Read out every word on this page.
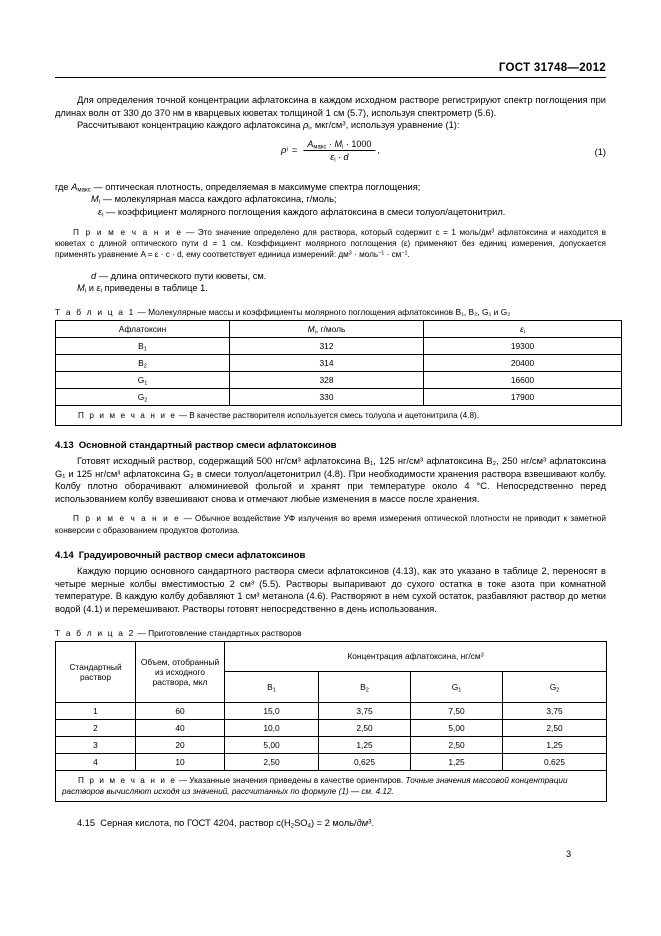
ГОСТ 31748—2012

Для определения точной концентрации афлатоксина в каждом исходном растворе регистрируют спектр поглощения при длинах волн от 330 до 370 нм в кварцевых кюветах толщиной 1 см (5.7), используя спектрометр (5.6).

Рассчитывают концентрацию каждого афлатоксина $\rho_i$, мкг/$см^3$, используя уравнение (1):

ρ $i = \frac{A_{макс} \cdot M_i \cdot 1000}{\varepsilon_i \cdot d}$ ,	(1)
где $A_{макс}$ — оптическая плотность, определяемая в максимуме спектра поглощения;
$M_i$ — молекулярная масса каждого афлатоксина, г/моль;
$\varepsilon_i$ — коэффициент молярного поглощения каждого афлатоксина в смеси толуол/ацетонитрил.

П р и м е ч а н и е — Это значение определено для раствора, который содержит c = 1 моль/$дм^3$ афлатоксина и находится в кюветах с длиной оптического пути d = 1 см. Коэффициент молярного поглощения (ε) применяют без единиц измерения, допускается применять уравнение A = ε · c · d, ему соответствует единица измерений: $дм^3$ · моль$^{-1}$ · $см^{-1}$.

d — длина оптического пути кюветы, см.
$M_i$ и $\varepsilon_i$ приведены в таблице 1.
Т а б л и ц а 1 — Молекулярные массы и коэффициенты молярного поглощения афлатоксинов B₁, B₂, G₁ и G₂
Афлатоксин	$M_i$, г/моль	$\varepsilon_i$
$B_1$	312	19300
$B_2$	314	20400
$G_1$	328	16600
$G_2$	330	17900
П р и м е ч а н и е — В качестве растворителя используется смесь толуола и ацетонитрила (4.8).		
4.13 Основной стандартный раствор смеси афлатоксинов

Готовят исходный раствор, содержащий 500 нг/см³ афлатоксина B₁, 125 нг/см³ афлатоксина B₂, 250 нг/см³ афлатоксина G₁ и 125 нг/см³ афлатоксина G₂ в смеси толуол/ацетонитрил (4.8). При необходимости хранения раствора взвешивают колбу. Колбу плотно оборачивают алюминиевой фольгой и хранят при температуре около 4 °C. Непосредственно перед использованием колбу взвешивают снова и отмечают любые изменения в массе после хранения.

П р и м е ч а н и е — Обычное воздействие УФ излучения во время измерения оптической плотности не приводит к заметной конверсии с образованием продуктов фотолиза.

4.14 Градуировочный раствор смеси афлатоксинов

Каждую порцию основного сандартного раствора смеси афлатоксинов (4.13), как это указано в таблице 2, переносят в четыре мерные колбы вместимостью 2 см³ (5.5). Растворы выпаривают до сухого остатка в токе азота при комнатной температуре. В каждую колбу добавляют 1 см³ метанола (4.6). Растворяют в нем сухой остаток, разбавляют раствор до метки водой (4.1) и перемешивают. Растворы готовят непосредственно в день использования.

Т а б л и ц а 2 — Приготовление стандартных растворов
Стандартный раствор	Объем, отобранный из исходного раствора, мкл	Концентрация афлатоксина, $нг/см^3$
		$B_1$	$B_2$	$G_1$	$G_2$
1	60	15,0	3,75	7,50	3,75
2	40	10,0	2,50	5,00	2,50
3	20	5,00	1,25	2,50	1,25
4	10	2,50	0,625	1,25	0,625
П р и м е ч а н и е — Указанные значения приведены в качестве ориентиров. Точные значения массовой концентрации растворов вычисляют исходя из значений, рассчитанных по формуле (1) — см. 4.12.					

4.15 Серная кислота, по ГОСТ 4204, раствор $c(H_2SO_4) = 2$ моль/$дм^3$.

3
